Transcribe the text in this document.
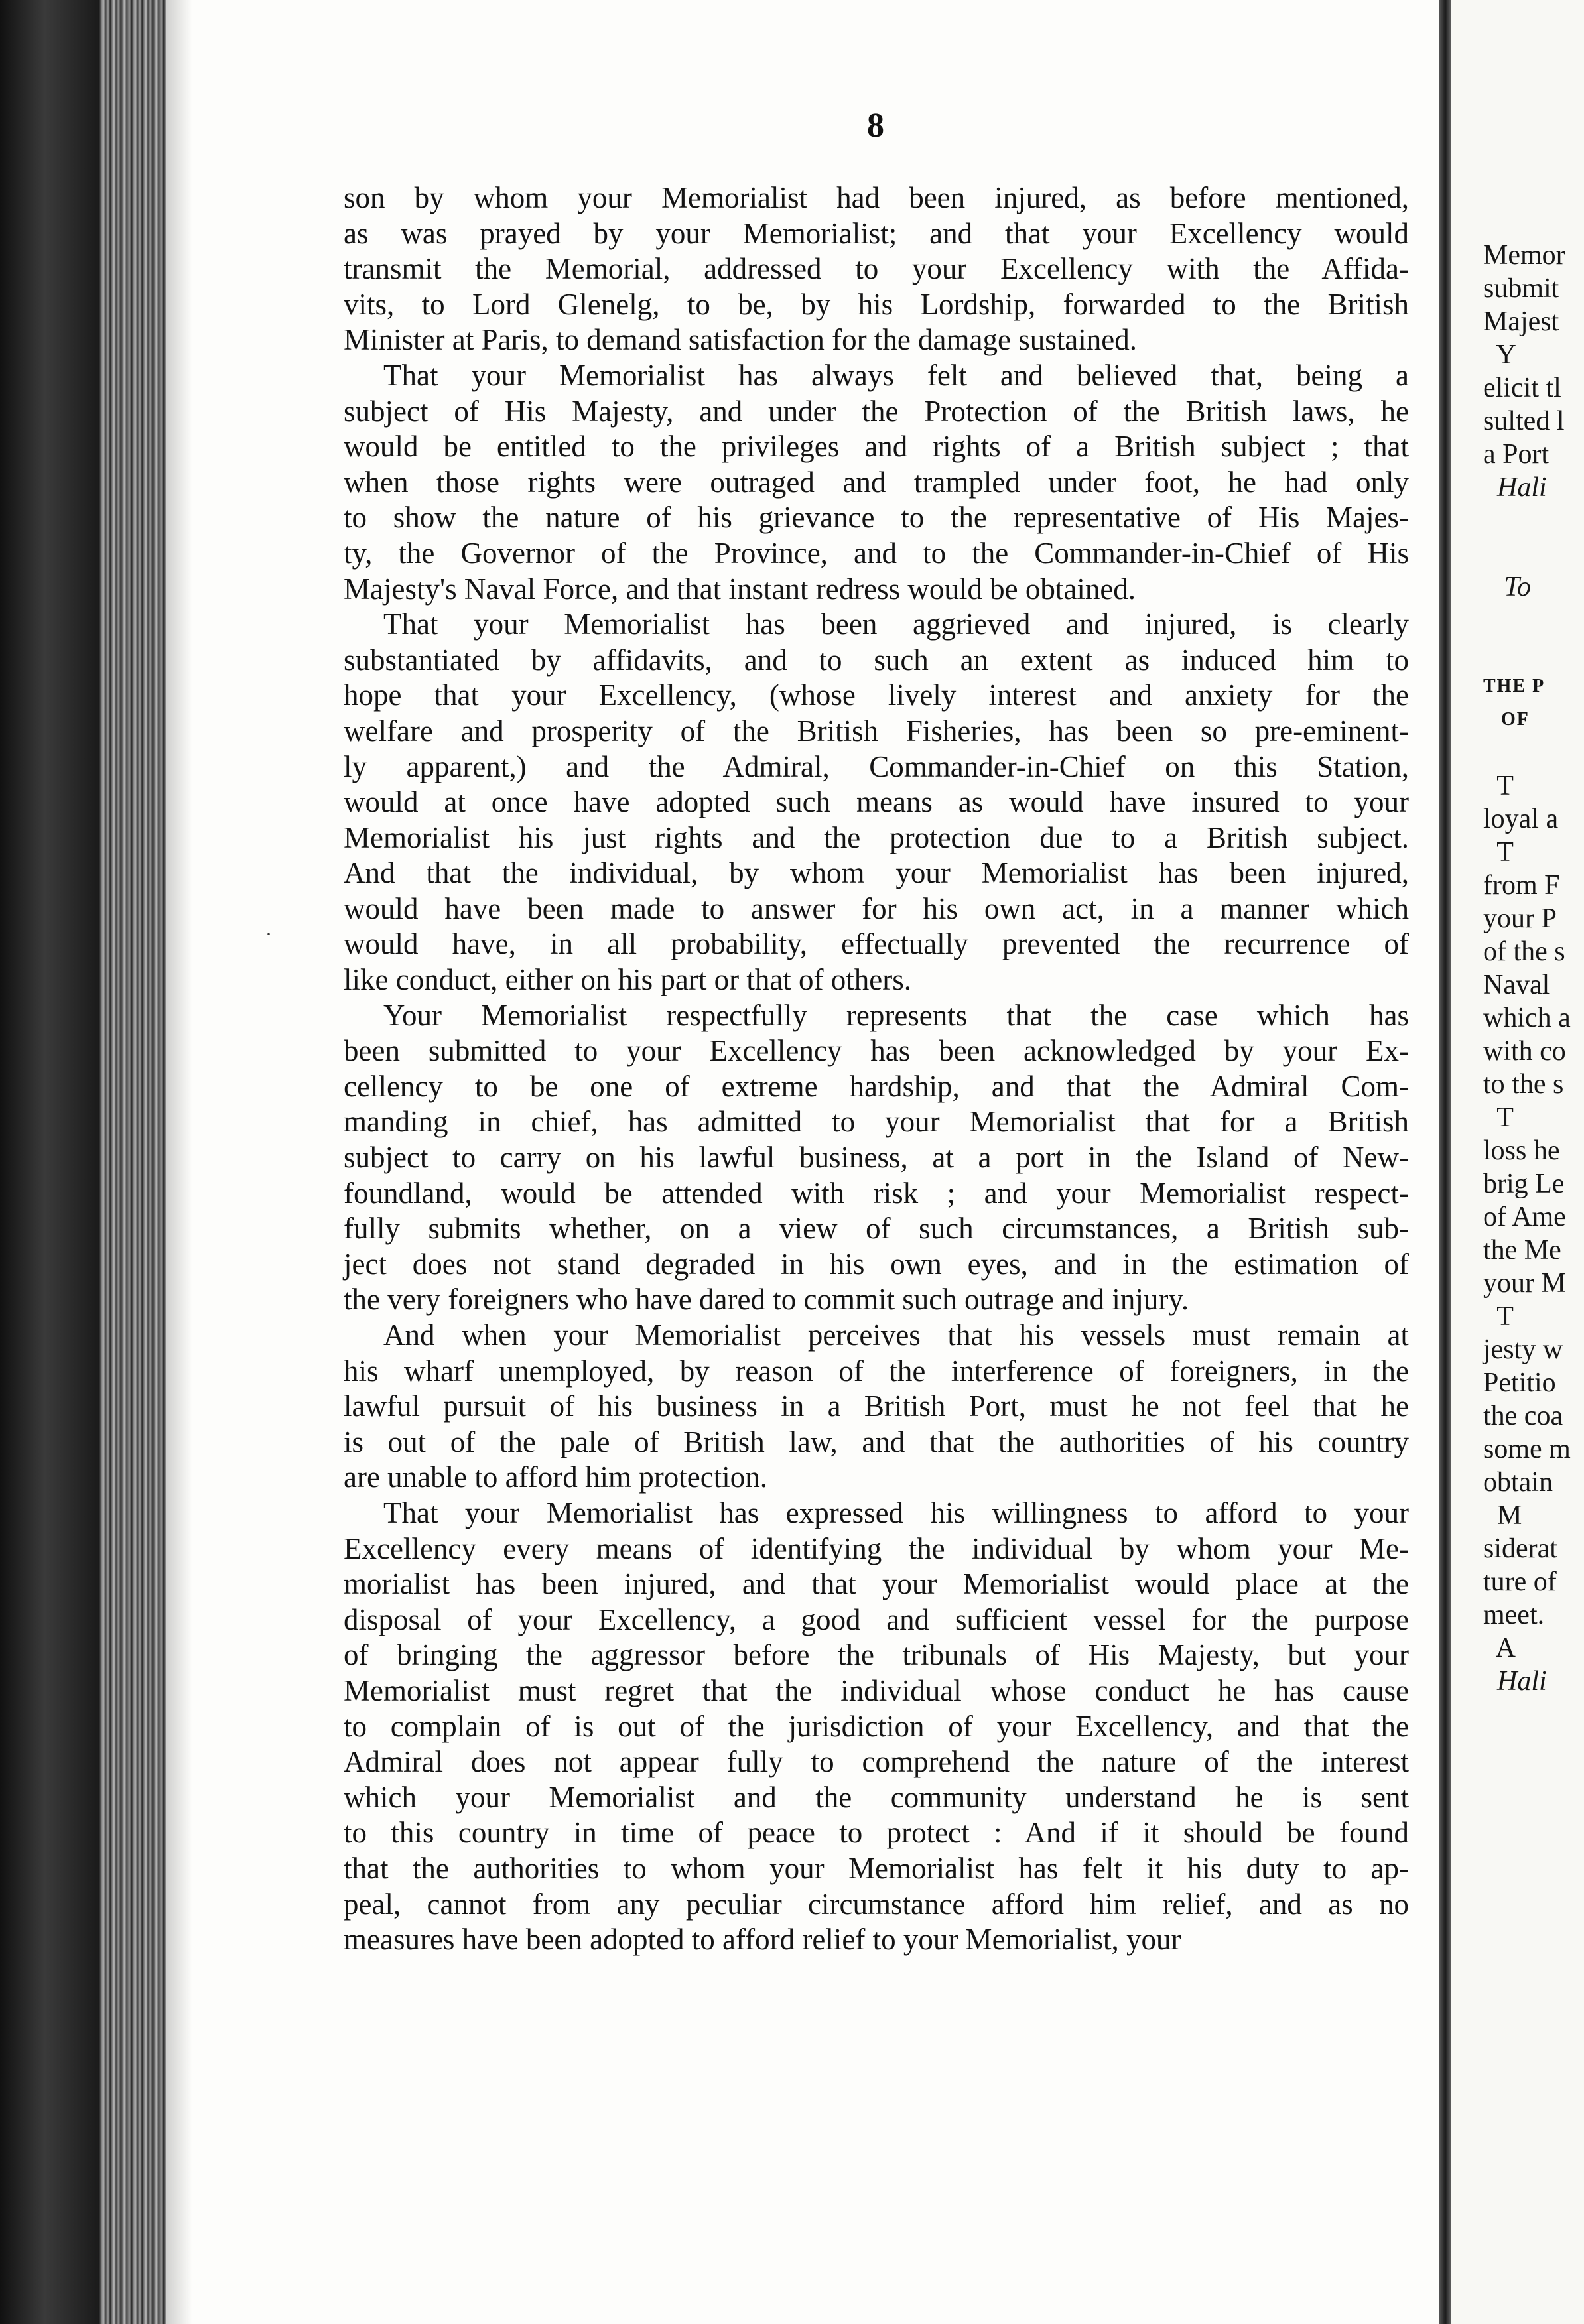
8
·

son by whom your Memorialist had been injured, as before mentioned,

as was prayed by your Memorialist; and that your Excellency would

transmit the Memorial, addressed to your Excellency with the Affida-

vits, to Lord Glenelg, to be, by his Lordship, forwarded to the British

Minister at Paris, to demand satisfaction for the damage sustained.

That your Memorialist has always felt and believed that, being a

subject of His Majesty, and under the Protection of the British laws, he

would be entitled to the privileges and rights of a British subject ; that

when those rights were outraged and trampled under foot, he had only

to show the nature of his grievance to the representative of His Majes-

ty, the Governor of the Province, and to the Commander-in-Chief of His

Majesty's Naval Force, and that instant redress would be obtained.

That your Memorialist has been aggrieved and injured, is clearly

substantiated by affidavits, and to such an extent as induced him to

hope that your Excellency, (whose lively interest and anxiety for the

welfare and prosperity of the British Fisheries, has been so pre-eminent-

ly apparent,) and the Admiral, Commander-in-Chief on this Station,

would at once have adopted such means as would have insured to your

Memorialist his just rights and the protection due to a British subject.

And that the individual, by whom your Memorialist has been injured,

would have been made to answer for his own act, in a manner which

would have, in all probability, effectually prevented the recurrence of

like conduct, either on his part or that of others.

Your Memorialist respectfully represents that the case which has

been submitted to your Excellency has been acknowledged by your Ex-

cellency to be one of extreme hardship, and that the Admiral Com-

manding in chief, has admitted to your Memorialist that for a British

subject to carry on his lawful business, at a port in the Island of New-

foundland, would be attended with risk ; and your Memorialist respect-

fully submits whether, on a view of such circumstances, a British sub-

ject does not stand degraded in his own eyes, and in the estimation of

the very foreigners who have dared to commit such outrage and injury.

And when your Memorialist perceives that his vessels must remain at

his wharf unemployed, by reason of the interference of foreigners, in the

lawful pursuit of his business in a British Port, must he not feel that he

is out of the pale of British law, and that the authorities of his country

are unable to afford him protection.

That your Memorialist has expressed his willingness to afford to your

Excellency every means of identifying the individual by whom your Me-

morialist has been injured, and that your Memorialist would place at the

disposal of your Excellency, a good and sufficient vessel for the purpose

of bringing the aggressor before the tribunals of His Majesty, but your

Memorialist must regret that the individual whose conduct he has cause

to complain of is out of the jurisdiction of your Excellency, and that the

Admiral does not appear fully to comprehend the nature of the interest

which your Memorialist and the community understand he is sent

to this country in time of peace to protect : And if it should be found

that the authorities to whom your Memorialist has felt it his duty to ap-

peal, cannot from any peculiar circumstance afford him relief, and as no

measures have been adopted to afford relief to your Memorialist, your

Memor
submit
Majest
Y
elicit tl
sulted l
a Port
Hali
To
THE P
OF
T
loyal a
T
from F
your P
of the s
Naval
which a
with co
to the s
T
loss he
brig Le
of Ame
the Me
your M
T
jesty w
Petitio
the coa
some m
obtain
M
siderat
ture of
meet.
A
Hali
